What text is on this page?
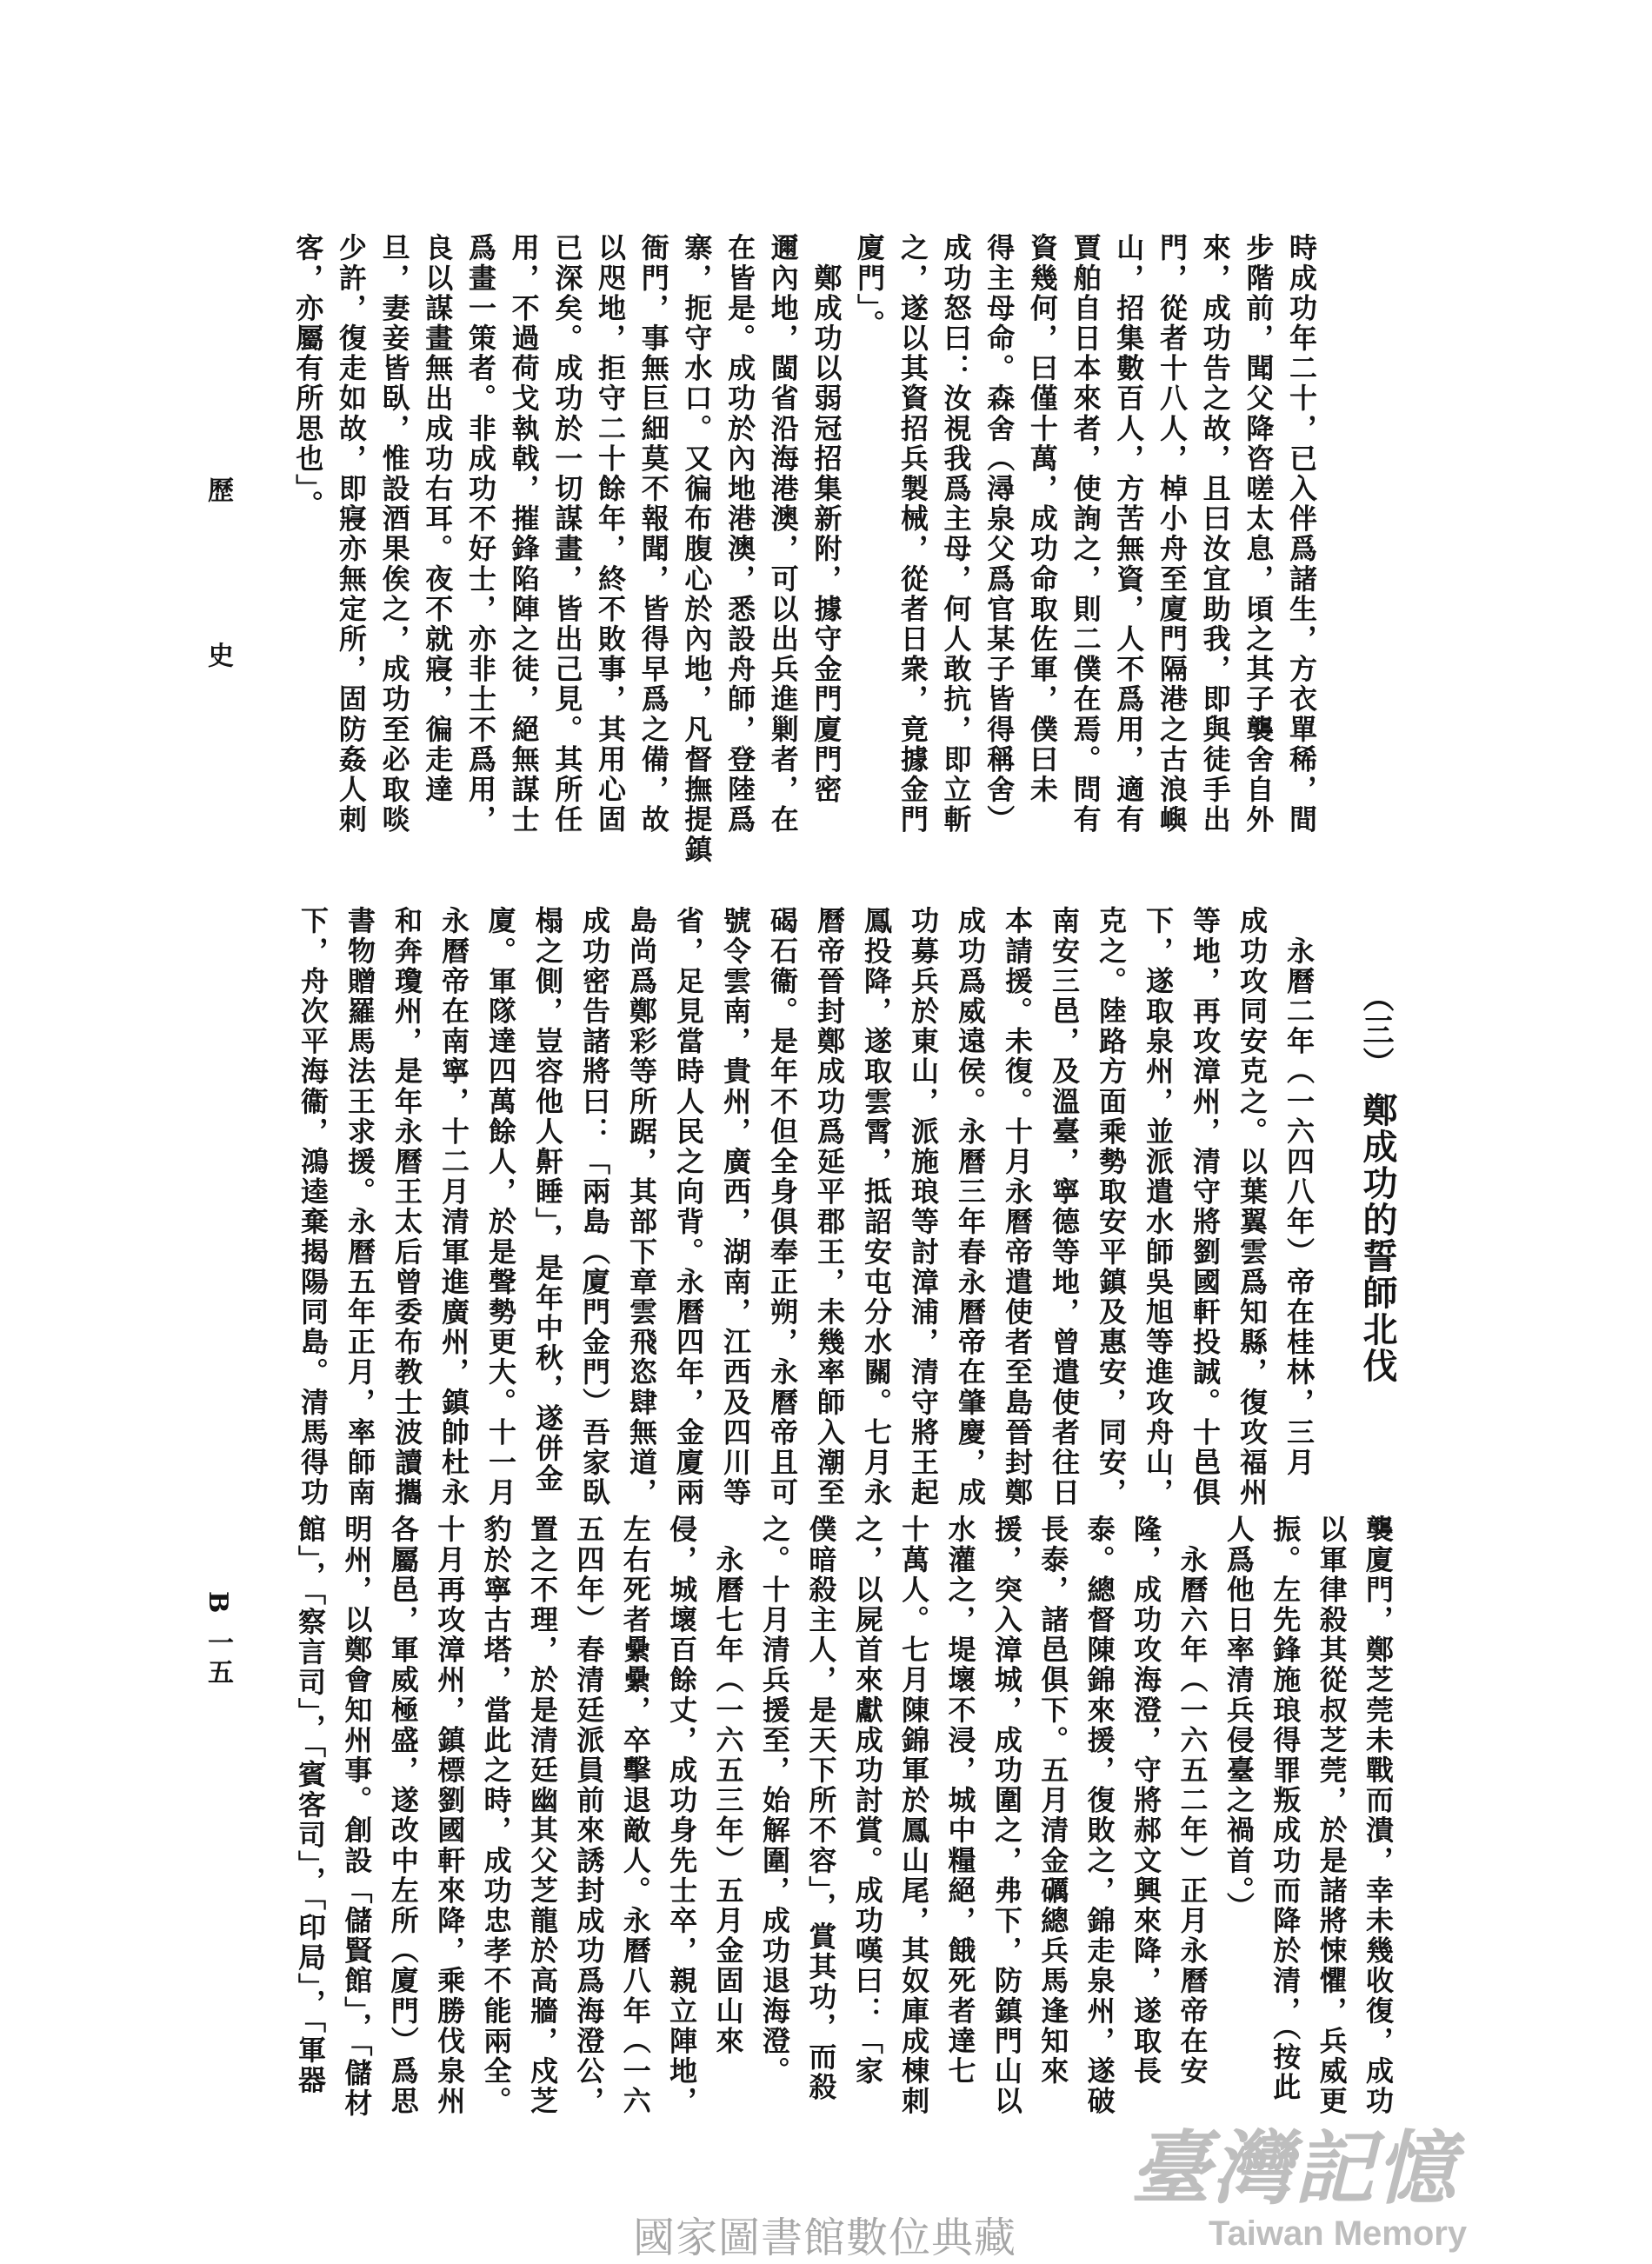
歷史
B 一五
時成功年二十，已入伴爲諸生，方衣單稀，間
步階前，聞父降咨嗟太息，頃之其子襲舍自外
來，成功告之故，且曰汝宜助我，即與徒手出
門，從者十八人，棹小舟至廈門隔港之古浪嶼
山，招集數百人，方苦無資，人不爲用，適有
賈舶自日本來者，使詢之，則二僕在焉。問有
資幾何，曰僅十萬，成功命取佐軍，僕曰未
得主母命。森舍（潯泉父爲官某子皆得稱舍）
成功怒曰：汝視我爲主母，何人敢抗，即立斬
之，遂以其資招兵製械，從者日衆，竟據金門
廈門」。
　鄭成功以弱冠招集新附，據守金門廈門密
邇內地，閩省沿海港澳，可以出兵進剿者，在
在皆是。成功於內地港澳，悉設舟師，登陸爲
寨，扼守水口。又徧布腹心於內地，凡督撫提鎮
衙門，事無巨細莫不報聞，皆得早爲之備，故
以咫地，拒守二十餘年，終不敗事，其用心固
已深矣。成功於一切謀畫，皆出己見。其所任
用，不過荷戈執戟，摧鋒陷陣之徒，絕無謀士
爲畫一策者。非成功不好士，亦非士不爲用，
良以謀畫無出成功右耳。夜不就寢，徧走達
旦，妻妾皆臥，惟設酒果俟之，成功至必取啖
少許，復走如故，即寢亦無定所，固防姦人刺
客，亦屬有所思也」。
（三）
鄭成功的誓師北伐
　永曆二年（一六四八年）帝在桂林，三月
成功攻同安克之。以葉翼雲爲知縣，復攻福州
等地，再攻漳州，清守將劉國軒投誠。十邑俱
下，遂取泉州，並派遣水師吳旭等進攻舟山，
克之。陸路方面乘勢取安平鎮及惠安，同安，
南安三邑，及溫臺，寧德等地，曾遣使者往日
本請援。未復。十月永曆帝遣使者至島晉封鄭
成功爲威遠侯。永曆三年春永曆帝在肇慶，成
功募兵於東山，派施琅等討漳浦，清守將王起
鳳投降，遂取雲霄，抵詔安屯分水關。七月永
曆帝晉封鄭成功爲延平郡王，未幾率師入潮至
碣石衞。是年不但全身俱奉正朔，永曆帝且可
號令雲南，貴州，廣西，湖南，江西及四川等
省，足見當時人民之向背。永曆四年，金廈兩
島尚爲鄭彩等所踞，其部下章雲飛恣肆無道，
成功密告諸將曰：「兩島（廈門金門）吾家臥
榻之側，豈容他人鼾睡」，是年中秋，遂併金
廈。軍隊達四萬餘人，於是聲勢更大。十一月
永曆帝在南寧，十二月清軍進廣州，鎮帥杜永
和奔瓊州，是年永曆王太后曾委布教士波讀攜
書物贈羅馬法王求援。永曆五年正月，率師南
下，舟次平海衞，鴻逵棄揭陽同島。清馬得功
襲廈門，鄭芝莞未戰而潰，幸未幾收復，成功
以軍律殺其從叔芝莞，於是諸將悚懼，兵威更
振。左先鋒施琅得罪叛成功而降於清，（按此
人爲他日率清兵侵臺之禍首。）
　永曆六年（一六五二年）正月永曆帝在安
隆，成功攻海澄，守將郝文興來降，遂取長
泰。總督陳錦來援，復敗之，錦走泉州，遂破
長泰，諸邑俱下。五月清金礪總兵馬逢知來
援，突入漳城，成功圍之，弗下，防鎮門山以
水灌之，堤壞不浸，城中糧絕，餓死者達七
十萬人。七月陳錦軍於鳳山尾，其奴庫成棟刺
之，以屍首來獻成功討賞。成功嘆曰：「家
僕暗殺主人，是天下所不容」，賞其功，而殺
之。十月清兵援至，始解圍，成功退海澄。
　永曆七年（一六五三年）五月金固山來
侵，城壞百餘丈，成功身先士卒，親立陣地，
左右死者纍纍，卒擊退敵人。永曆八年（一六
五四年）春清廷派員前來誘封成功爲海澄公，
置之不理，於是清廷幽其父芝龍於高牆，戍芝
豹於寧古塔，當此之時，成功忠孝不能兩全。
十月再攻漳州，鎮標劉國軒來降，乘勝伐泉州
各屬邑，軍威極盛，遂改中左所（廈門）爲思
明州，以鄭會知州事。創設「儲賢館」，「儲材
館」，「察言司」，「賓客司」，「印局」，「軍器
臺灣記憶
Taiwan Memory
國家圖書館數位典藏
